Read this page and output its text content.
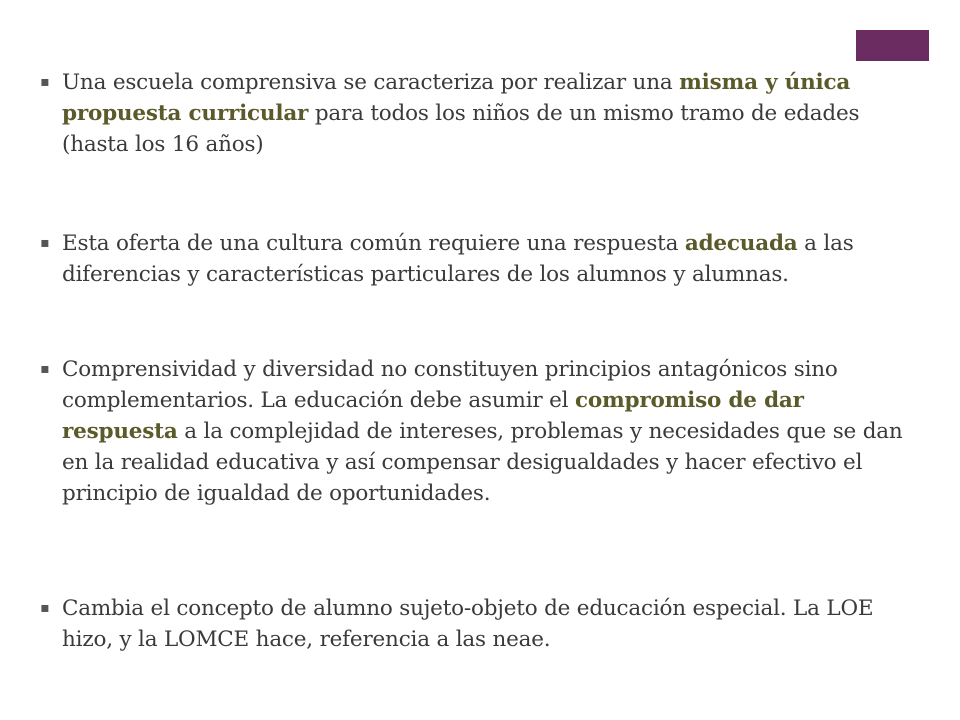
▪ Una escuela comprensiva se caracteriza por realizar una misma y única propuesta curricular para todos los niños de un mismo tramo de edades (hasta los 16 años)
▪ Esta oferta de una cultura común requiere una respuesta adecuada a las diferencias y características particulares de los alumnos y alumnas.
▪ Comprensividad y diversidad no constituyen principios antagónicos sino complementarios. La educación debe asumir el compromiso de dar respuesta a la complejidad de intereses, problemas y necesidades que se dan en la realidad educativa y así compensar desigualdades y hacer efectivo el principio de igualdad de oportunidades.
▪ Cambia el concepto de alumno sujeto-objeto de educación especial. La LOE hizo, y la LOMCE hace, referencia a las neae.
